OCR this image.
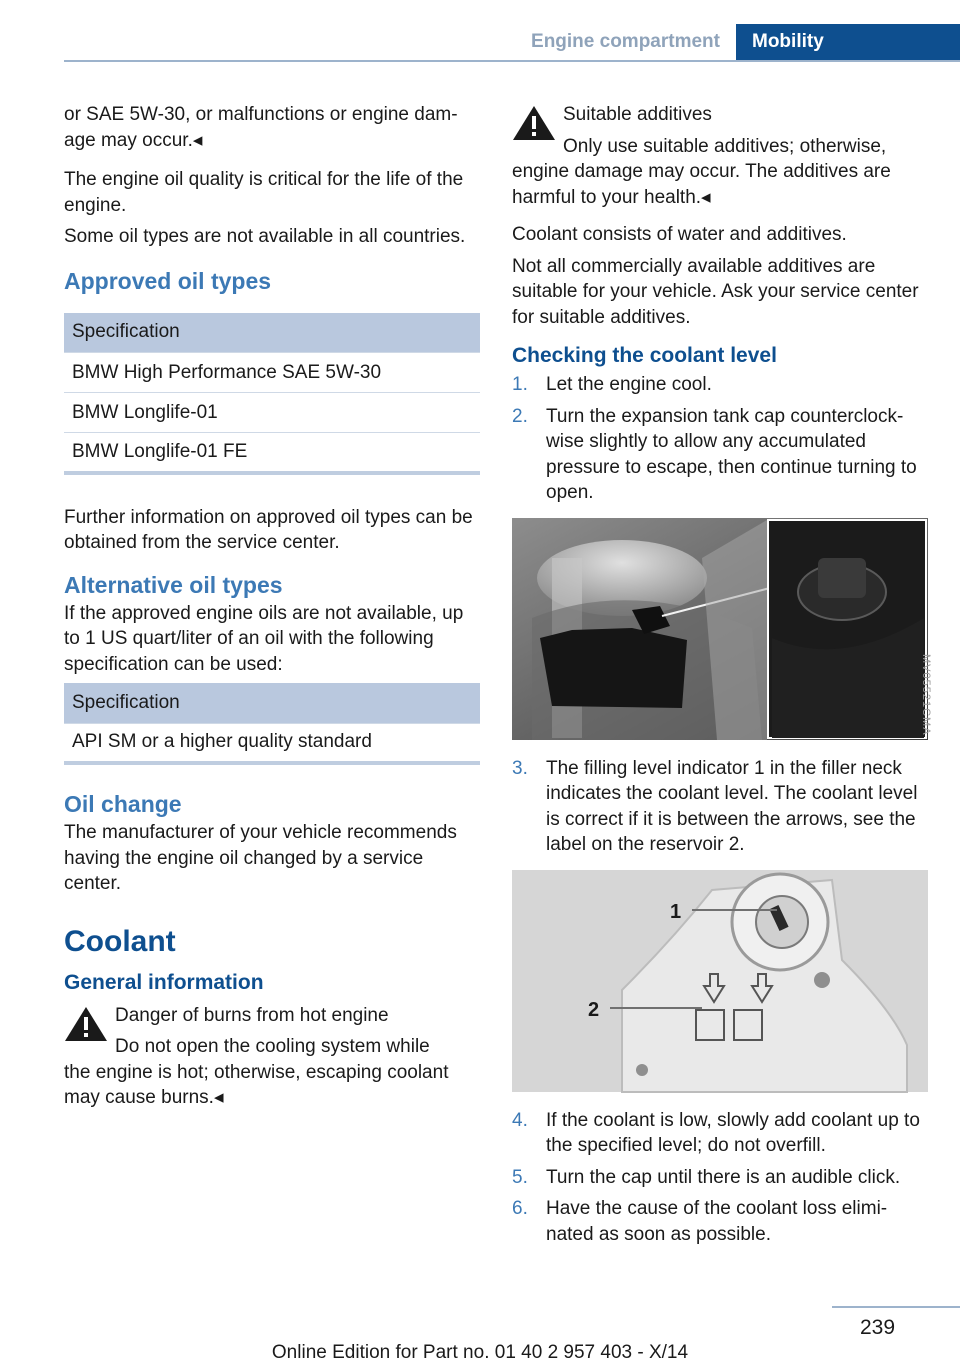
Engine compartment	Mobility

or SAE 5W-30, or malfunctions or engine damage may occur.◂

The engine oil quality is critical for the life of the engine.

Some oil types are not available in all countries.

Approved oil types
Specification
BMW High Performance SAE 5W-30
BMW Longlife-01
BMW Longlife-01 FE

Further information on approved oil types can be obtained from the service center.

Alternative oil types

If the approved engine oils are not available, up to 1 US quart/liter of an oil with the following specification can be used:

Specification
API SM or a higher quality standard
Oil change

The manufacturer of your vehicle recommends having the engine oil changed by a service center.

Coolant
General information
Danger of burns from hot engine
Do not open the cooling system while
the engine is hot; otherwise, escaping coolant may cause burns.◂
Suitable additives
Only use suitable additives; otherwise,
engine damage may occur. The additives are harmful to your health.◂

Coolant consists of water and additives.

Not all commercially available additives are suitable for your vehicle. Ask your service center for suitable additives.

Checking the coolant level
1. Let the engine cool.
2. Turn the expansion tank cap counterclockwise slightly to allow any accumulated pressure to escape, then continue turning to open.
MV05521CMA
3. The filling level indicator 1 in the filler neck indicates the coolant level. The coolant level is correct if it is between the arrows, see the label on the reservoir 2.
1
2
4. If the coolant is low, slowly add coolant up to the specified level; do not overfill.
5. Turn the cap until there is an audible click.
6. Have the cause of the coolant loss eliminated as soon as possible.
239
Online Edition for Part no. 01 40 2 957 403 - X/14
